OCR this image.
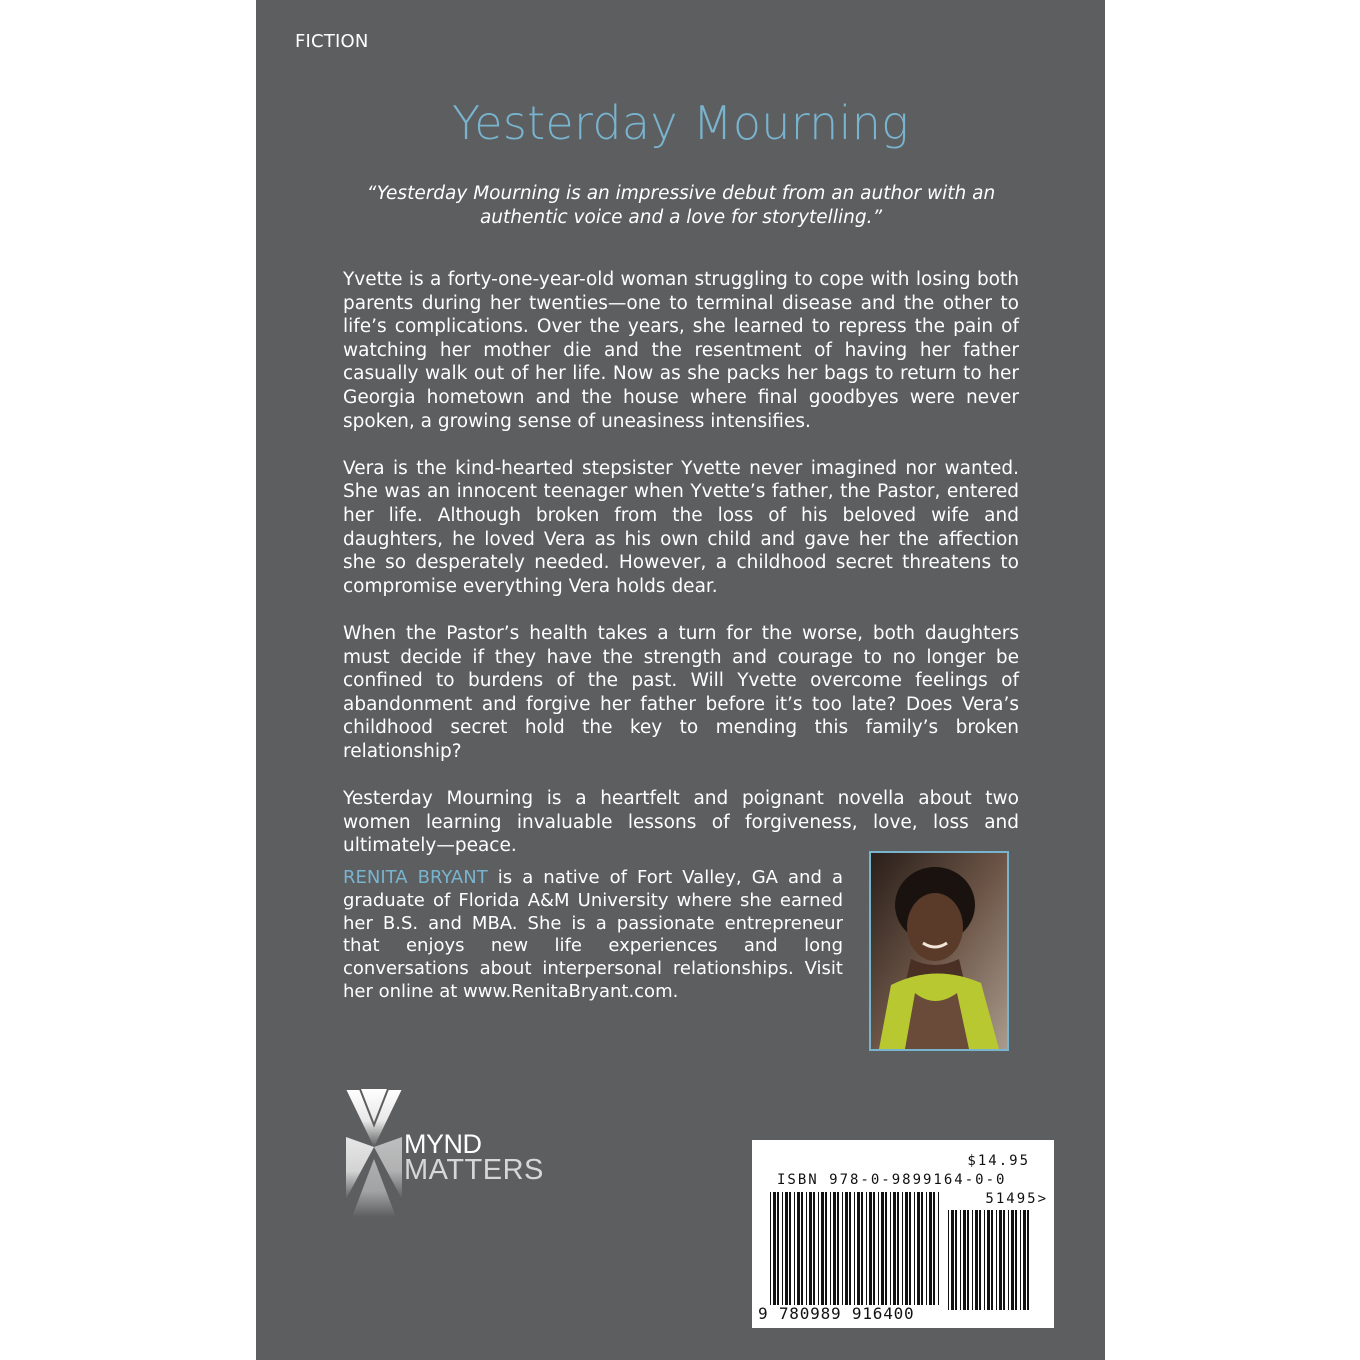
FICTION
Yesterday Mourning
“Yesterday Mourning is an impressive debut from an author with an
authentic voice and a love for storytelling.”

Yvette is a forty-one-year-old woman struggling to cope with losing both parents during her twenties—one to terminal disease and the other to life’s complications. Over the years, she learned to repress the pain of watching her mother die and the resentment of having her father casually walk out of her life. Now as she packs her bags to return to her Georgia hometown and the house where final goodbyes were never spoken, a growing sense of uneasiness intensifies.

Vera is the kind-hearted stepsister Yvette never imagined nor wanted. She was an innocent teenager when Yvette’s father, the Pastor, entered her life. Although broken from the loss of his beloved wife and daughters, he loved Vera as his own child and gave her the affection she so desperately needed. However, a childhood secret threatens to compromise everything Vera holds dear.

When the Pastor’s health takes a turn for the worse, both daughters must decide if they have the strength and courage to no longer be confined to burdens of the past. Will Yvette overcome feelings of abandonment and forgive her father before it’s too late? Does Vera’s childhood secret hold the key to mending this family’s broken relationship?

Yesterday Mourning is a heartfelt and poignant novella about two women learning invaluable lessons of forgiveness, love, loss and ultimately—peace.

RENITA BRYANT is a native of Fort Valley, GA and a graduate of Florida A&M University where she earned her B.S. and MBA. She is a passionate entrepreneur that enjoys new life experiences and long conversations about interpersonal relationships. Visit her online at www.RenitaBryant.com.
MYND
MATTERS	$14.95
ISBN 978-0-9899164-0-0
51495>
9 780989 916400
